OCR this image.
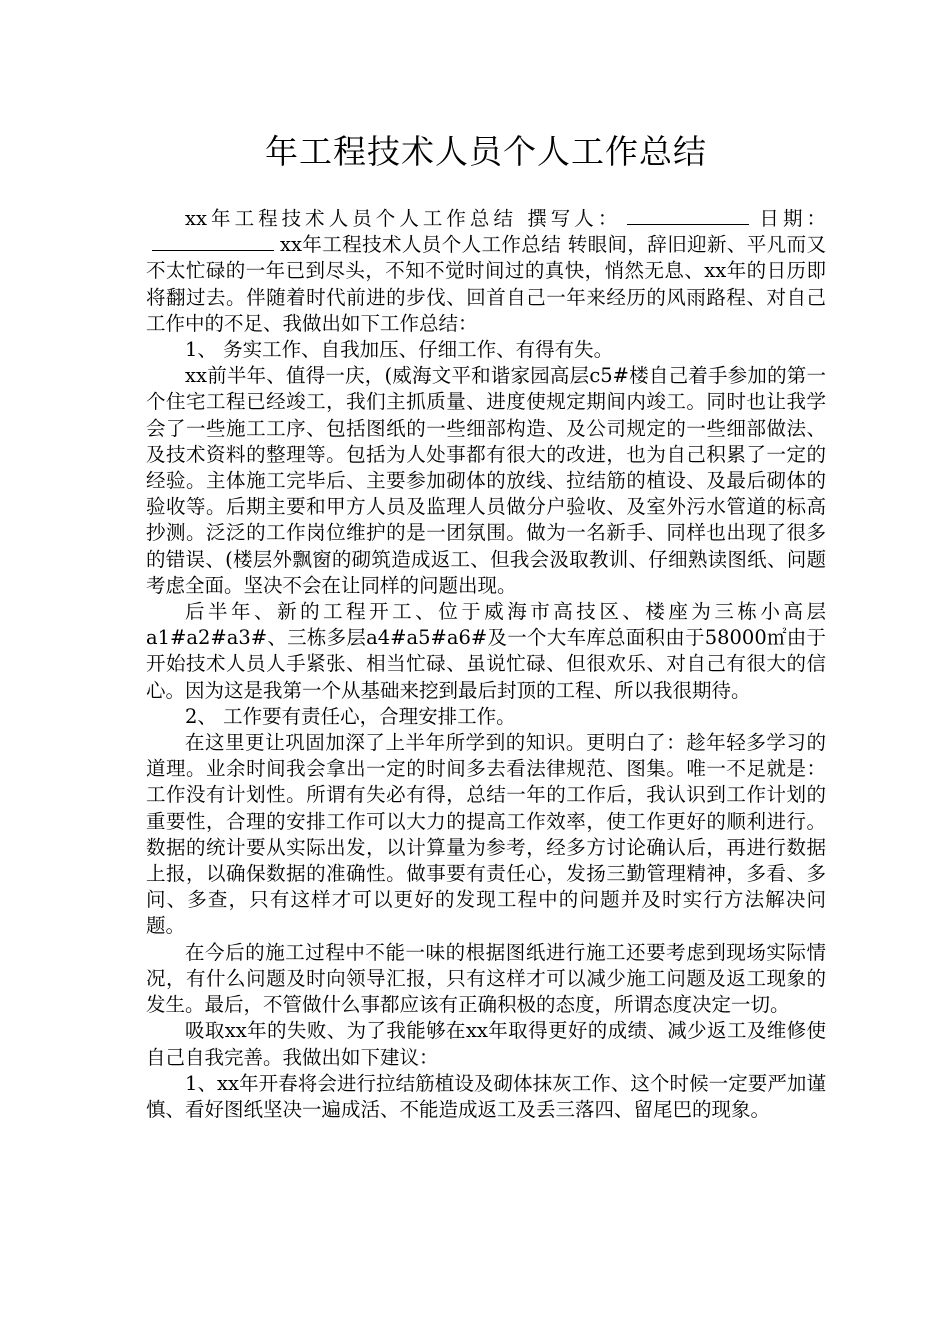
年工程技术人员个人工作总结

xx年工程技术人员个人工作总结 撰写人：	日期：xx年工程技术人员个人工作总结 转眼间，辞旧迎新、平凡而又不太忙碌的一年已到尽头，不知不觉时间过的真快，悄然无息、xx年的日历即将翻过去。伴随着时代前进的步伐、回首自己一年来经历的风雨路程、对自己工作中的不足、我做出如下工作总结：

1、 务实工作、自我加压、仔细工作、有得有失。

xx前半年、值得一庆，(威海文平和谐家园高层c5#楼自己着手参加的第一个住宅工程已经竣工，我们主抓质量、进度使规定期间内竣工。同时也让我学会了一些施工工序、包括图纸的一些细部构造、及公司规定的一些细部做法、及技术资料的整理等。包括为人处事都有很大的改进，也为自己积累了一定的经验。主体施工完毕后、主要参加砌体的放线、拉结筋的植设、及最后砌体的验收等。后期主要和甲方人员及监理人员做分户验收、及室外污水管道的标高抄测。泛泛的工作岗位维护的是一团氛围。做为一名新手、同样也出现了很多的错误、(楼层外飘窗的砌筑造成返工、但我会汲取教训、仔细熟读图纸、问题考虑全面。坚决不会在让同样的问题出现。

后半年、新的工程开工、位于威海市高技区、楼座为三栋小高层a1#a2#a3#、三栋多层a4#a5#a6#及一个大车库总面积由于58000㎡由于开始技术人员人手紧张、相当忙碌、虽说忙碌、但很欢乐、对自己有很大的信心。因为这是我第一个从基础来挖到最后封顶的工程、所以我很期待。

2、 工作要有责任心，合理安排工作。

在这里更让巩固加深了上半年所学到的知识。更明白了：趁年轻多学习的道理。业余时间我会拿出一定的时间多去看法律规范、图集。唯一不足就是：工作没有计划性。所谓有失必有得，总结一年的工作后，我认识到工作计划的重要性，合理的安排工作可以大力的提高工作效率，使工作更好的顺利进行。数据的统计要从实际出发，以计算量为参考，经多方讨论确认后，再进行数据上报，以确保数据的准确性。做事要有责任心，发扬三勤管理精神，多看、多问、多查，只有这样才可以更好的发现工程中的问题并及时实行方法解决问题。

在今后的施工过程中不能一味的根据图纸进行施工还要考虑到现场实际情况，有什么问题及时向领导汇报，只有这样才可以减少施工问题及返工现象的发生。最后，不管做什么事都应该有正确积极的态度，所谓态度决定一切。

吸取xx年的失败、为了我能够在xx年取得更好的成绩、减少返工及维修使自己自我完善。我做出如下建议：

1、xx年开春将会进行拉结筋植设及砌体抹灰工作、这个时候一定要严加谨慎、看好图纸坚决一遍成活、不能造成返工及丢三落四、留尾巴的现象。
